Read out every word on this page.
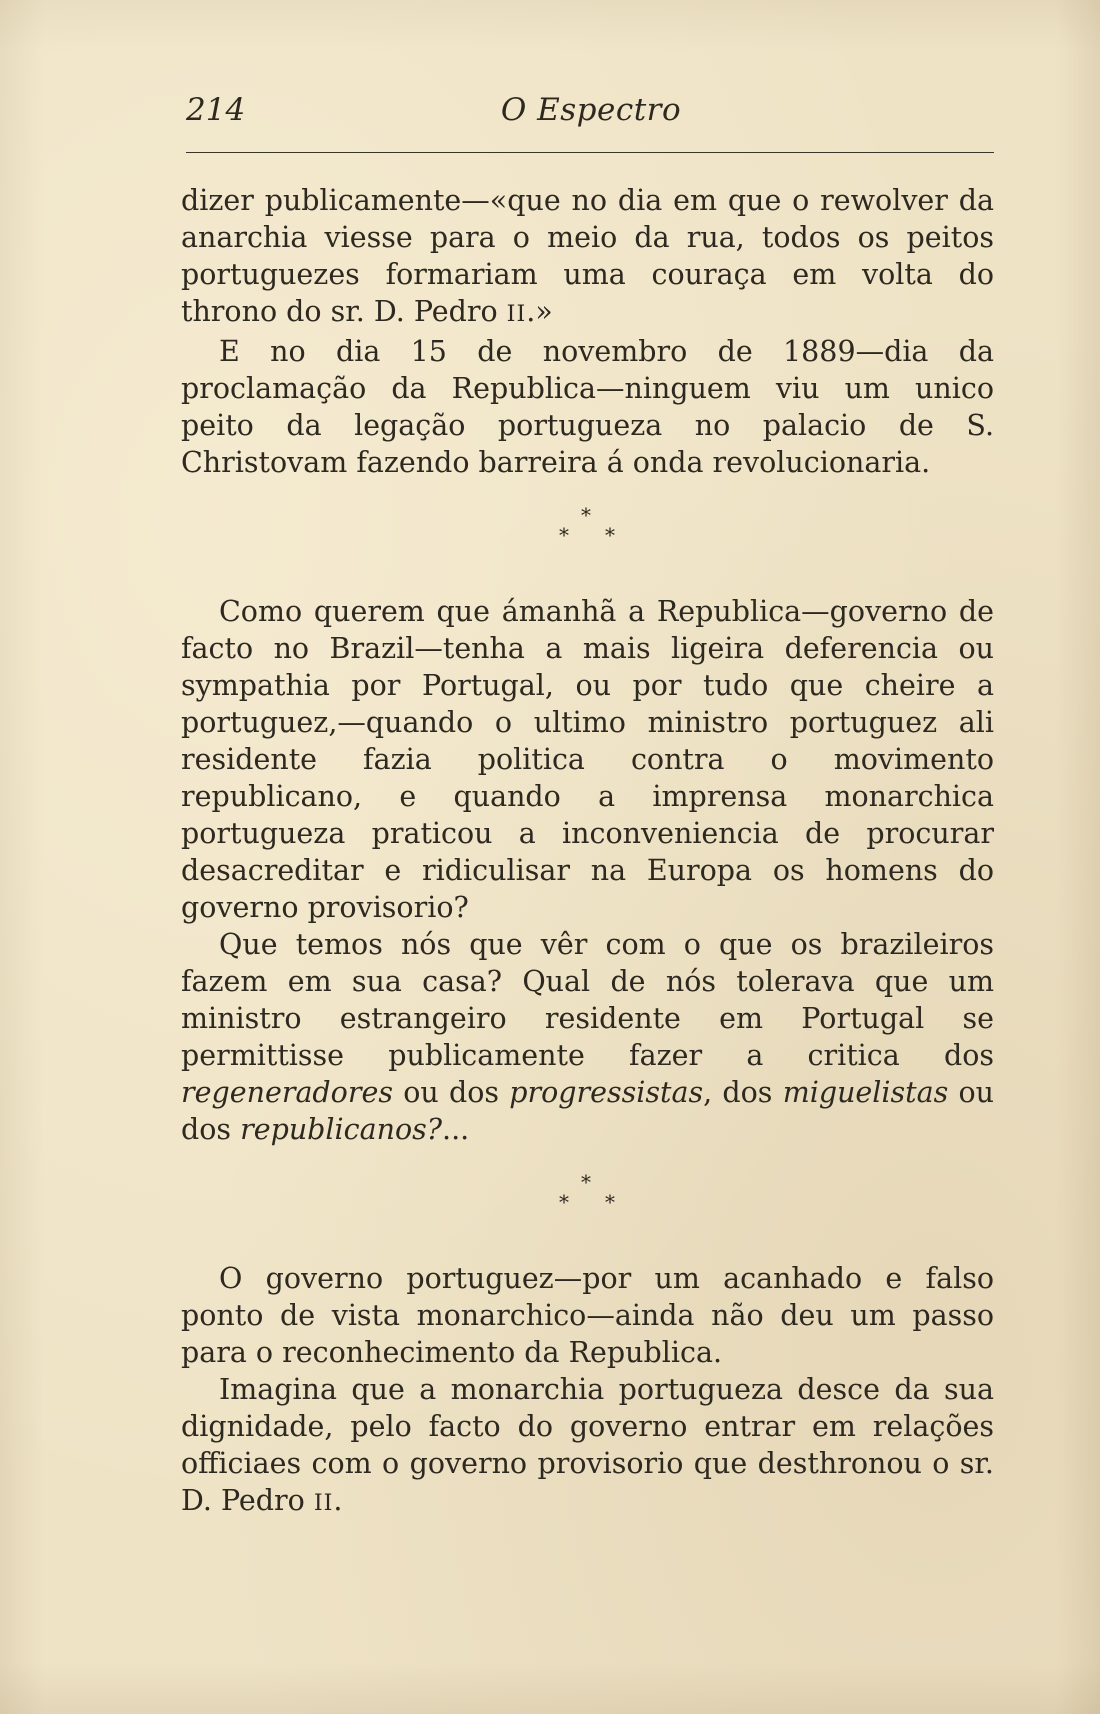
214	O Espectro

dizer publicamente—«que no dia em que o rewolver da anarchia viesse para o meio da rua, todos os peitos portuguezes formariam uma couraça em volta do throno do sr. D. Pedro II.»

E no dia 15 de novembro de 1889—dia da proclamação da Republica—ninguem viu um unico peito da legação portugueza no palacio de S. Christovam fazendo barreira á onda revolucionaria.

*
* *

Como querem que ámanhã a Republica—governo de facto no Brazil—tenha a mais ligeira deferencia ou sympathia por Portugal, ou por tudo que cheire a portuguez,—quando o ultimo ministro portuguez ali residente fazia politica contra o movimento republicano, e quando a imprensa monarchica portugueza praticou a inconveniencia de procurar desacreditar e ridiculisar na Europa os homens do governo provisorio?

Que temos nós que vêr com o que os brazileiros fazem em sua casa? Qual de nós tolerava que um ministro estrangeiro residente em Portugal se permittisse publicamente fazer a critica dos regeneradores ou dos progressistas, dos miguelistas ou dos republicanos?...

*
* *

O governo portuguez—por um acanhado e falso ponto de vista monarchico—ainda não deu um passo para o reconhecimento da Republica.

Imagina que a monarchia portugueza desce da sua dignidade, pelo facto do governo entrar em relações officiaes com o governo provisorio que desthronou o sr. D. Pedro II.
